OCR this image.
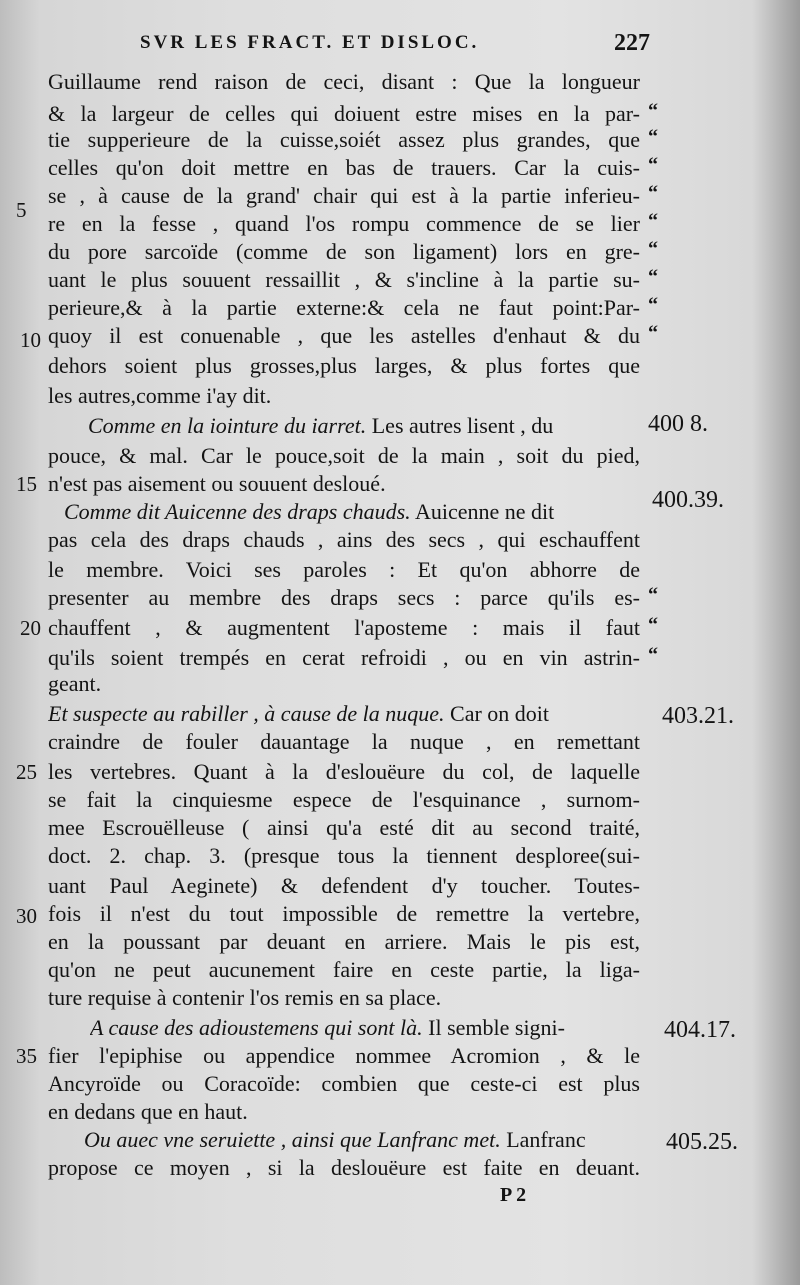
SVR LES FRACT. ET DISLOC.	227
Guillaume rend raison de ceci, disant : Que la longueur
& la largeur de celles qui doiuent estre mises en la par-
tie supperieure de la cuisse,soiét assez plus grandes, que
celles qu'on doit mettre en bas de trauers. Car la cuis-
se , à cause de la grand' chair qui est à la partie inferieu-
re en la fesse , quand l'os rompu commence de se lier
du pore sarcoïde (comme de son ligament) lors en gre-
uant le plus souuent ressaillit , & s'incline à la partie su-
perieure,& à la partie externe:& cela ne faut point:Par-
quoy il est conuenable , que les astelles d'enhaut & du
dehors soient plus grosses,plus larges, & plus fortes que
les autres,comme i'ay dit.
Comme en la iointure du iarret. Les autres lisent , du
pouce, & mal. Car le pouce,soit de la main , soit du pied,
n'est pas aisement ou souuent desloué.
Comme dit Auicenne des draps chauds. Auicenne ne dit
pas cela des draps chauds , ains des secs , qui eschauffent
le membre. Voici ses paroles : Et qu'on abhorre de
presenter au membre des draps secs : parce qu'ils es-
chauffent , & augmentent l'aposteme : mais il faut
qu'ils soient trempés en cerat refroidi , ou en vin astrin-
geant.
Et suspecte au rabiller , à cause de la nuque. Car on doit
craindre de fouler dauantage la nuque , en remettant
les vertebres. Quant à la d'eslouëure du col, de laquelle
se fait la cinquiesme espece de l'esquinance , surnom-
mee Escrouëlleuse ( ainsi qu'a esté dit au second traité,
doct. 2. chap. 3. (presque tous la tiennent desploree(sui-
uant Paul Aeginete) & defendent d'y toucher. Toutes-
fois il n'est du tout impossible de remettre la vertebre,
en la poussant par deuant en arriere. Mais le pis est,
qu'on ne peut aucunement faire en ceste partie, la liga-
ture requise à contenir l'os remis en sa place.
A cause des adioustemens qui sont là. Il semble signi-
fier l'epiphise ou appendice nommee Acromion , & le
Ancyroïde ou Coracoïde: combien que ceste-ci est plus
en dedans que en haut.
Ou auec vne seruiette , ainsi que Lanfranc met. Lanfranc
propose ce moyen , si la deslouëure est faite en deuant.
5
10
15
20
25
30
35
“
“
“
“
“
“
“
“
“
“
“
“
400 8.
400.39.
403.21.
404.17.
405.25.
P 2
